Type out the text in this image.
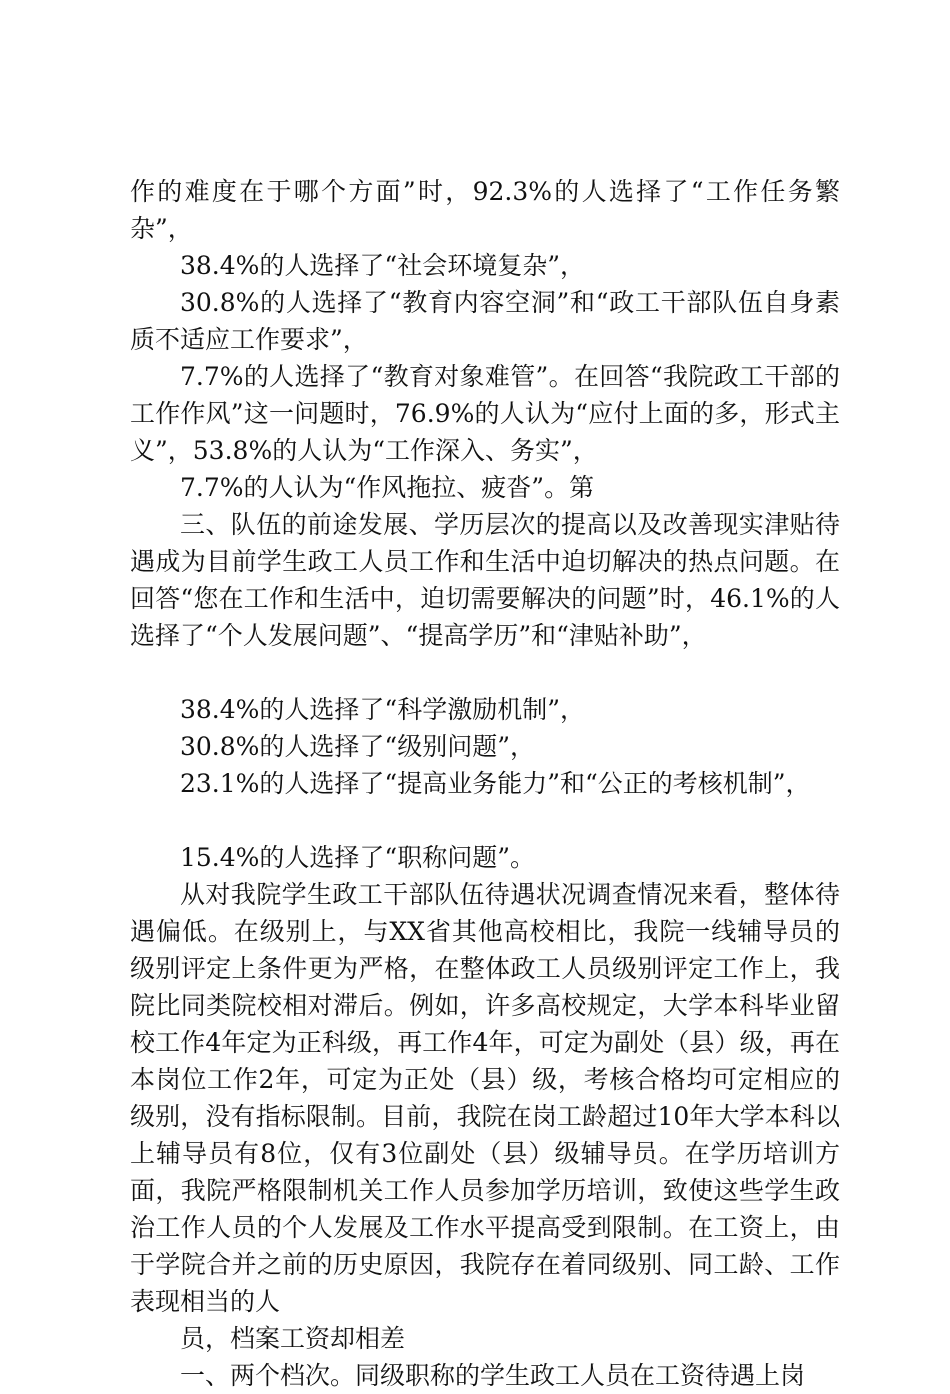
作的难度在于哪个方面”时，92.3%的人选择了“工作任务繁杂”，

38.4%的人选择了“社会环境复杂”，

30.8%的人选择了“教育内容空洞”和“政工干部队伍自身素质不适应工作要求”，

7.7%的人选择了“教育对象难管”。在回答“我院政工干部的工作作风”这一问题时，76.9%的人认为“应付上面的多，形式主义”，53.8%的人认为“工作深入、务实”，

7.7%的人认为“作风拖拉、疲沓”。第

三、队伍的前途发展、学历层次的提高以及改善现实津贴待遇成为目前学生政工人员工作和生活中迫切解决的热点问题。在回答“您在工作和生活中，迫切需要解决的问题”时，46.1%的人选择了“个人发展问题”、“提高学历”和“津贴补助”，

38.4%的人选择了“科学激励机制”，

30.8%的人选择了“级别问题”，

23.1%的人选择了“提高业务能力”和“公正的考核机制”，

15.4%的人选择了“职称问题”。

从对我院学生政工干部队伍待遇状况调查情况来看，整体待遇偏低。在级别上，与XX省其他高校相比，我院一线辅导员的级别评定上条件更为严格，在整体政工人员级别评定工作上，我院比同类院校相对滞后。例如，许多高校规定，大学本科毕业留校工作4年定为正科级，再工作4年，可定为副处（县）级，再在本岗位工作2年，可定为正处（县）级，考核合格均可定相应的级别，没有指标限制。目前，我院在岗工龄超过10年大学本科以上辅导员有8位，仅有3位副处（县）级辅导员。在学历培训方面，我院严格限制机关工作人员参加学历培训，致使这些学生政治工作人员的个人发展及工作水平提高受到限制。在工资上，由于学院合并之前的历史原因，我院存在着同级别、同工龄、工作表现相当的人

员，档案工资却相差

一、两个档次。同级职称的学生政工人员在工资待遇上岗
